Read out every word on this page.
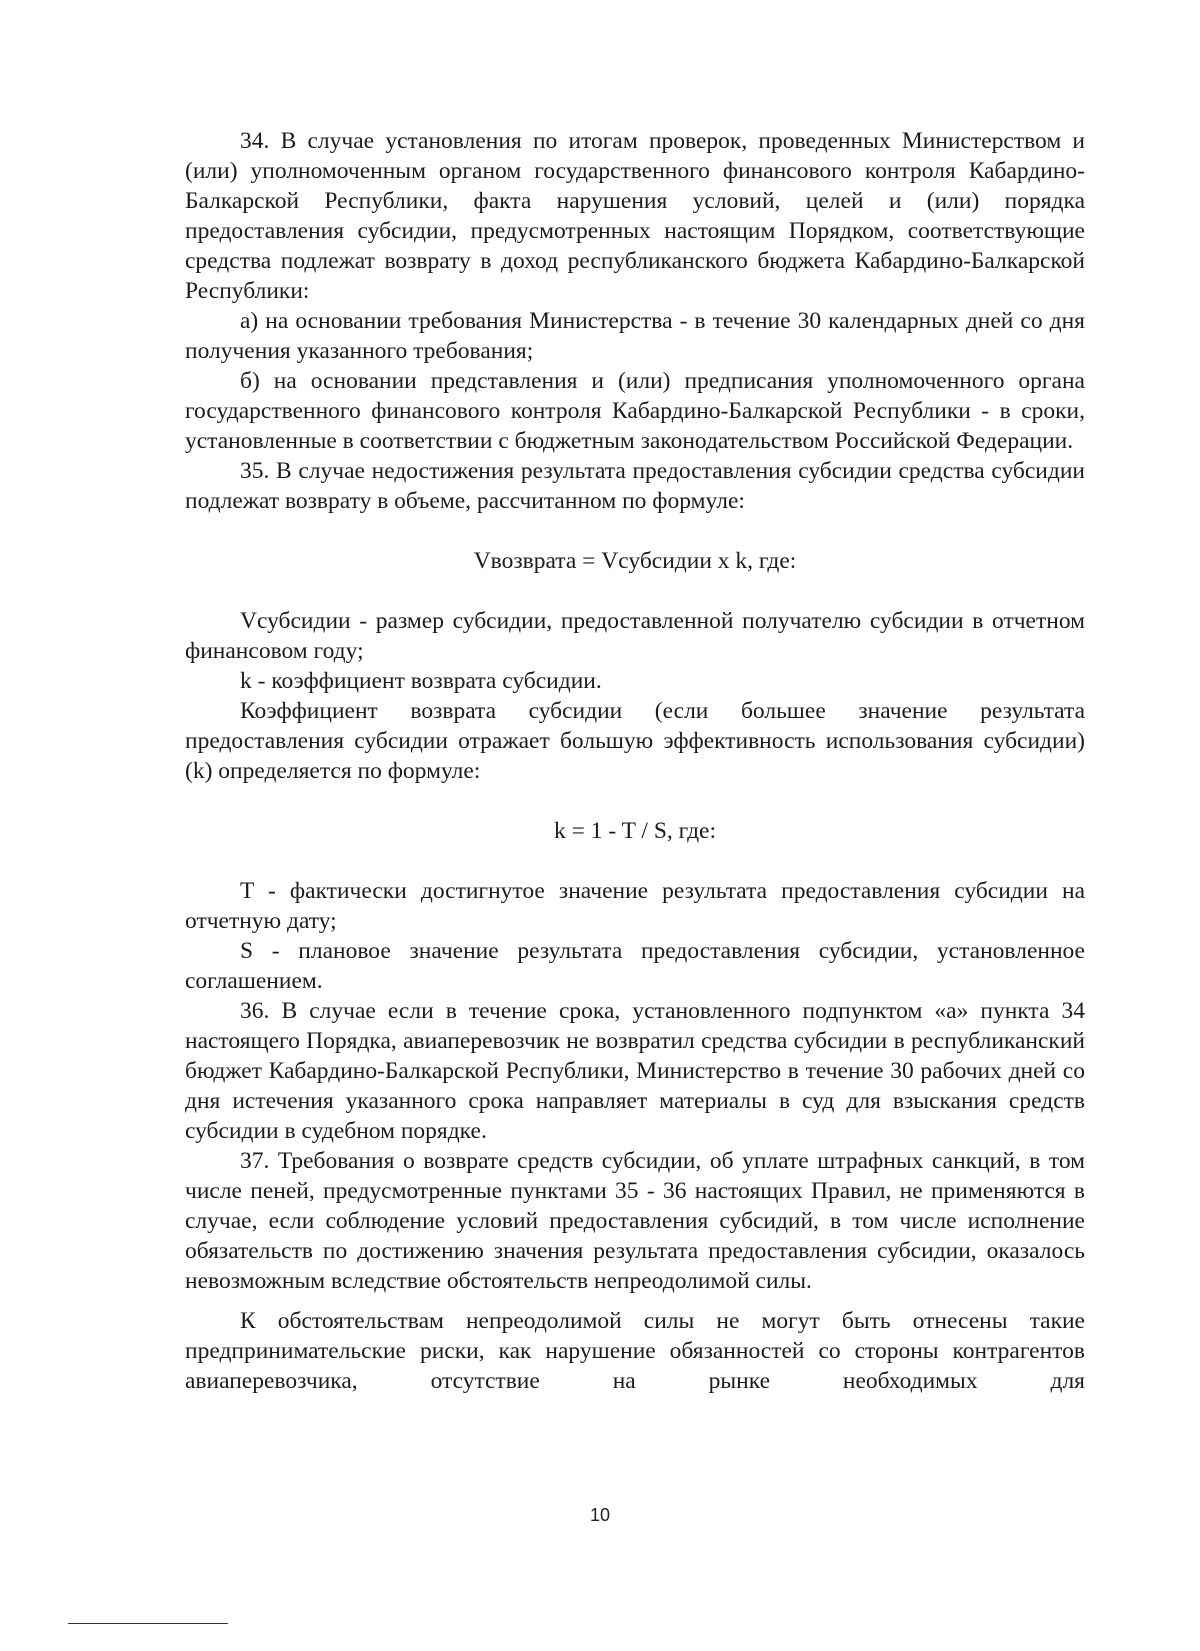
34. В случае установления по итогам проверок, проведенных Министерством и (или) уполномоченным органом государственного финансового контроля Кабардино-Балкарской Республики, факта нарушения условий, целей и (или) порядка предоставления субсидии, предусмотренных настоящим Порядком, соответствующие средства подлежат возврату в доход республиканского бюджета Кабардино-Балкарской Республики:

а) на основании требования Министерства - в течение 30 календарных дней со дня получения указанного требования;

б) на основании представления и (или) предписания уполномоченного органа государственного финансового контроля Кабардино-Балкарской Республики - в сроки, установленные в соответствии с бюджетным законодательством Российской Федерации.

35. В случае недостижения результата предоставления субсидии средства субсидии подлежат возврату в объеме, рассчитанном по формуле:

Vвозврата = Vсубсидии x k, где:

Vсубсидии - размер субсидии, предоставленной получателю субсидии в отчетном финансовом году;

k - коэффициент возврата субсидии.

Коэффициент возврата субсидии (если большее значение результата предоставления субсидии отражает большую эффективность использования субсидии) (k) определяется по формуле:

k = 1 - T / S, где:

T - фактически достигнутое значение результата предоставления субсидии на отчетную дату;

S - плановое значение результата предоставления субсидии, установленное соглашением.

36. В случае если в течение срока, установленного подпунктом «а» пункта 34 настоящего Порядка, авиаперевозчик не возвратил средства субсидии в республиканский бюджет Кабардино-Балкарской Республики, Министерство в течение 30 рабочих дней со дня истечения указанного срока направляет материалы в суд для взыскания средств субсидии в судебном порядке.

37. Требования о возврате средств субсидии, об уплате штрафных санкций, в том числе пеней, предусмотренные пунктами 35 - 36 настоящих Правил, не применяются в случае, если соблюдение условий предоставления субсидий, в том числе исполнение обязательств по достижению значения результата предоставления субсидии, оказалось невозможным вследствие обстоятельств непреодолимой силы.

К обстоятельствам непреодолимой силы не могут быть отнесены такие предпринимательские риски, как нарушение обязанностей со стороны контрагентов авиаперевозчика, отсутствие на рынке необходимых для

10
